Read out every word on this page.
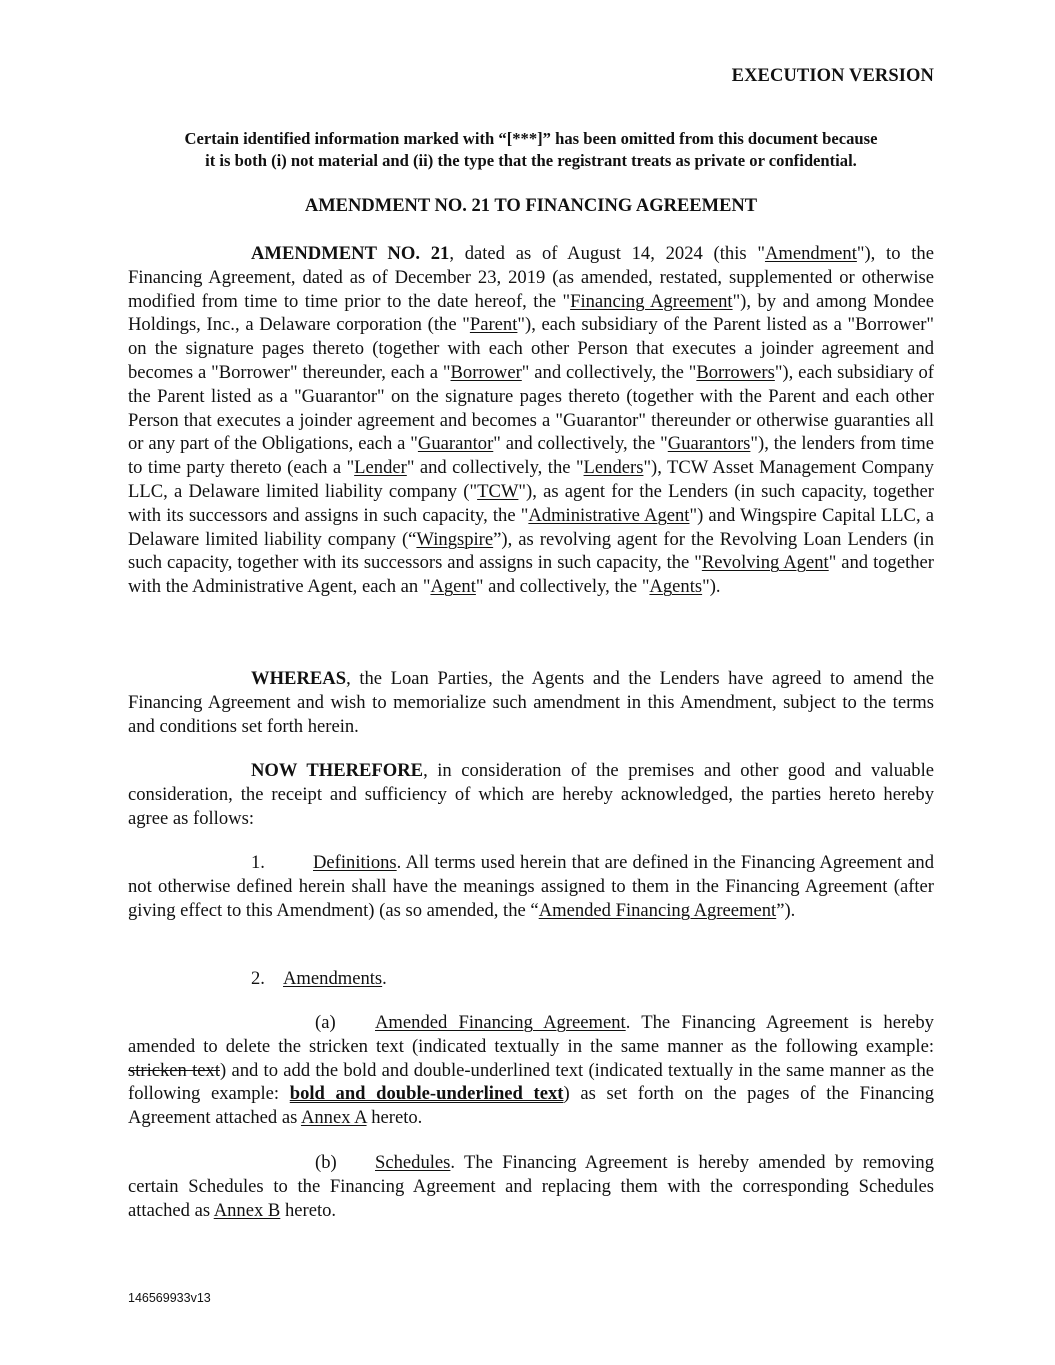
EXECUTION VERSION
Certain identified information marked with “[***]” has been omitted from this document because
it is both (i) not material and (ii) the type that the registrant treats as private or confidential.
AMENDMENT NO. 21 TO FINANCING AGREEMENT

AMENDMENT NO. 21, dated as of August 14, 2024 (this "Amendment"), to the Financing Agreement, dated as of December 23, 2019 (as amended, restated, supplemented or otherwise modified from time to time prior to the date hereof, the "Financing Agreement"), by and among Mondee Holdings, Inc., a Delaware corporation (the "Parent"), each subsidiary of the Parent listed as a "Borrower" on the signature pages thereto (together with each other Person that executes a joinder agreement and becomes a "Borrower" thereunder, each a "Borrower" and collectively, the "Borrowers"), each subsidiary of the Parent listed as a "Guarantor" on the signature pages thereto (together with the Parent and each other Person that executes a joinder agreement and becomes a "Guarantor" thereunder or otherwise guaranties all or any part of the Obligations, each a "Guarantor" and collectively, the "Guarantors"), the lenders from time to time party thereto (each a "Lender" and collectively, the "Lenders"), TCW Asset Management Company LLC, a Delaware limited liability company ("TCW"), as agent for the Lenders (in such capacity, together with its successors and assigns in such capacity, the "Administrative Agent") and Wingspire Capital LLC, a Delaware limited liability company (“Wingspire”), as revolving agent for the Revolving Loan Lenders (in such capacity, together with its successors and assigns in such capacity, the "Revolving Agent" and together with the Administrative Agent, each an "Agent" and collectively, the "Agents").

WHEREAS, the Loan Parties, the Agents and the Lenders have agreed to amend the Financing Agreement and wish to memorialize such amendment in this Amendment, subject to the terms and conditions set forth herein.

NOW THEREFORE, in consideration of the premises and other good and valuable consideration, the receipt and sufficiency of which are hereby acknowledged, the parties hereto hereby agree as follows:

1.	Definitions. All terms used herein that are defined in the Financing Agreement and not otherwise defined herein shall have the meanings assigned to them in the Financing Agreement (after giving effect to this Amendment) (as so amended, the “Amended Financing Agreement”).

2. Amendments.

(a) Amended Financing Agreement. The Financing Agreement is hereby amended to delete the stricken text (indicated textually in the same manner as the following example: stricken text) and to add the bold and double-underlined text (indicated textually in the same manner as the following example: bold and double-underlined text) as set forth on the pages of the Financing Agreement attached as Annex A hereto.

(b) Schedules. The Financing Agreement is hereby amended by removing certain Schedules to the Financing Agreement and replacing them with the corresponding Schedules attached as Annex B hereto.

146569933v13
